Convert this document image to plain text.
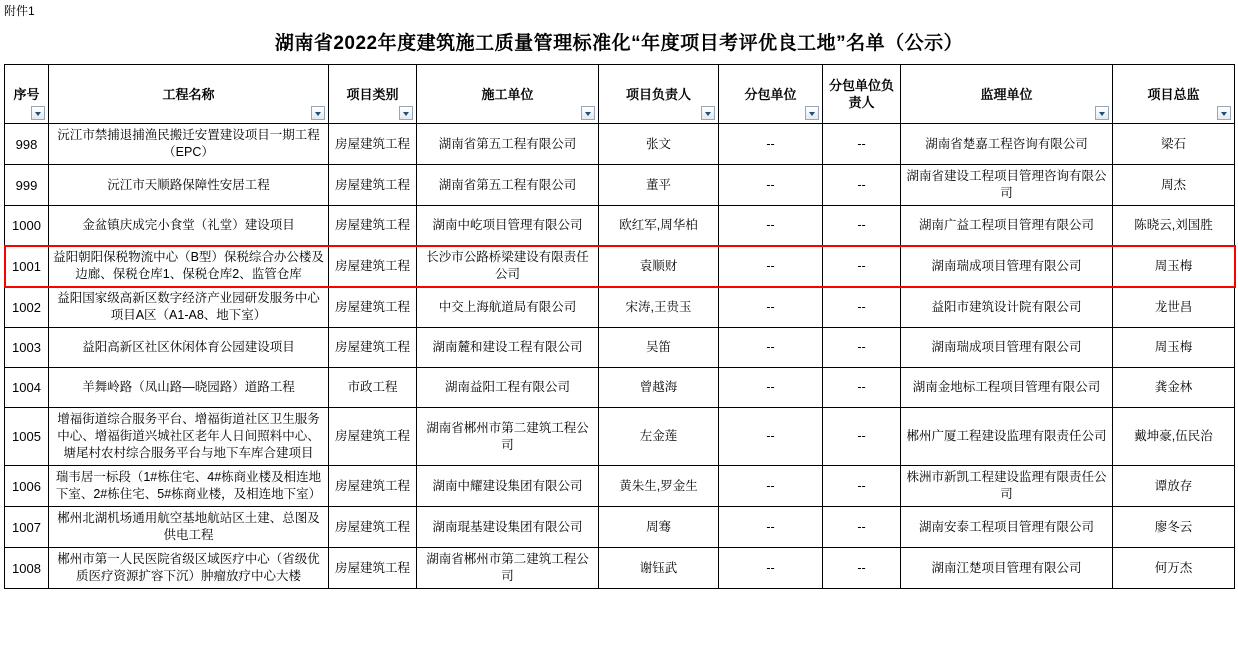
附件1
湖南省2022年度建筑施工质量管理标准化“年度项目考评优良工地”名单（公示）
序号	工程名称	项目类别	施工单位	项目负责人	分包单位	分包单位负责人	监理单位	项目总监

998	沅江市禁捕退捕渔民搬迁安置建设项目一期工程（EPC）	房屋建筑工程	湖南省第五工程有限公司	张文	--	--	湖南省楚嘉工程咨询有限公司	梁石
999	沅江市天顺路保障性安居工程	房屋建筑工程	湖南省第五工程有限公司	董平	--	--	湖南省建设工程项目管理咨询有限公司	周杰
1000	金盆镇庆成完小食堂（礼堂）建设项目	房屋建筑工程	湖南中屹项目管理有限公司	欧红军,周华柏	--	--	湖南广益工程项目管理有限公司	陈晓云,刘国胜
1001	益阳朝阳保税物流中心（B型）保税综合办公楼及边廊、保税仓库1、保税仓库2、监管仓库	房屋建筑工程	长沙市公路桥梁建设有限责任公司	袁顺财	--	--	湖南瑞成项目管理有限公司	周玉梅
1002	益阳国家级高新区数字经济产业园研发服务中心项目A区（A1-A8、地下室）	房屋建筑工程	中交上海航道局有限公司	宋涛,王贵玉	--	--	益阳市建筑设计院有限公司	龙世昌
1003	益阳高新区社区休闲体育公园建设项目	房屋建筑工程	湖南麓和建设工程有限公司	吴笛	--	--	湖南瑞成项目管理有限公司	周玉梅
1004	羊舞岭路（凤山路—晓园路）道路工程	市政工程	湖南益阳工程有限公司	曾越海	--	--	湖南金地标工程项目管理有限公司	龚金林
1005	增福街道综合服务平台、增福街道社区卫生服务中心、增福街道兴城社区老年人日间照料中心、塘尾村农村综合服务平台与地下车库合建项目	房屋建筑工程	湖南省郴州市第二建筑工程公司	左金莲	--	--	郴州广厦工程建设监理有限责任公司	戴坤豪,伍民治
1006	瑞韦居一标段（1#栋住宅、4#栋商业楼及相连地下室、2#栋住宅、5#栋商业楼，及相连地下室）	房屋建筑工程	湖南中耀建设集团有限公司	黄朱生,罗金生	--	--	株洲市新凯工程建设监理有限责任公司	谭放存
1007	郴州北湖机场通用航空基地航站区土建、总图及供电工程	房屋建筑工程	湖南琨基建设集团有限公司	周骞	--	--	湖南安泰工程项目管理有限公司	廖冬云
1008	郴州市第一人民医院省级区域医疗中心（省级优质医疗资源扩容下沉）肿瘤放疗中心大楼	房屋建筑工程	湖南省郴州市第二建筑工程公司	谢钰武	--	--	湖南江楚项目管理有限公司	何万杰
